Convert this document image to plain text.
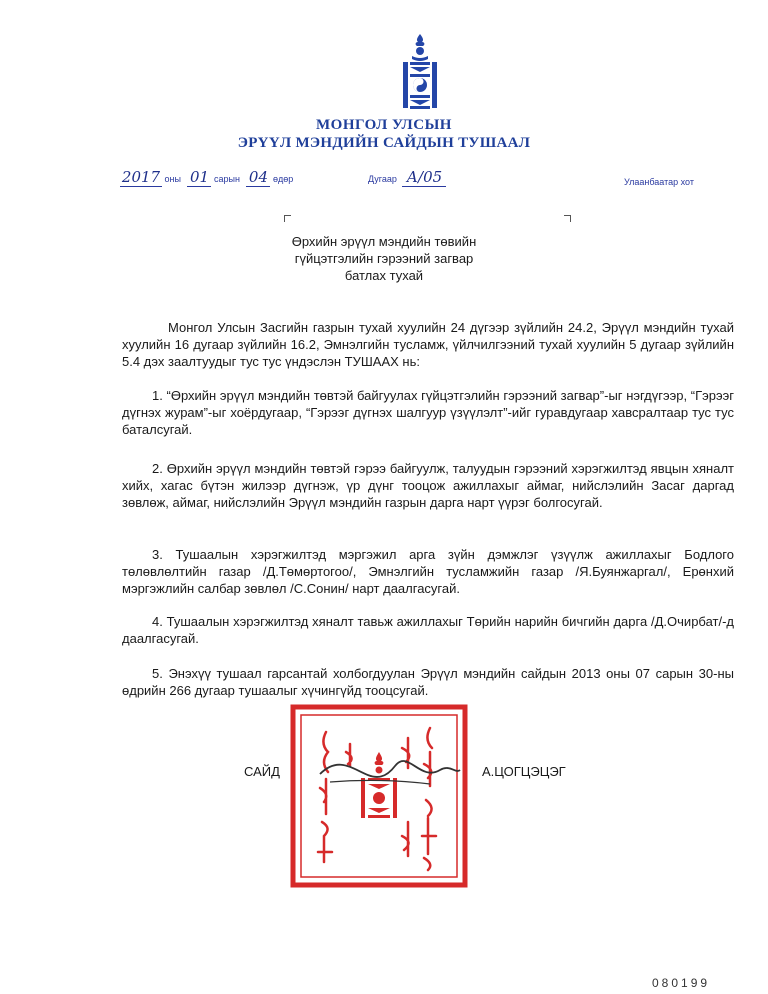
МОНГОЛ УЛСЫН
ЭРҮҮЛ МЭНДИЙН САЙДЫН ТУШААЛ
2017 оны 01 сарын 04 өдөр	Дугаар А/05	Улаанбаатар хот
Өрхийн эрүүл мэндийн төвийн
гүйцэтгэлийн гэрээний загвар
батлах тухай
Монгол Улсын Засгийн газрын тухай хуулийн 24 дүгээр зүйлийн 24.2, Эрүүл мэндийн тухай хуулийн 16 дугаар зүйлийн 16.2, Эмнэлгийн тусламж, үйлчилгээний тухай хуулийн 5 дугаар зүйлийн 5.4 дэх заалтуудыг тус тус үндэслэн ТУШААХ нь:
1. “Өрхийн эрүүл мэндийн төвтэй байгуулах гүйцэтгэлийн гэрээний загвар”-ыг нэгдүгээр, “Гэрээг дүгнэх журам”-ыг хоёрдугаар, “Гэрээг дүгнэх шалгуур үзүүлэлт”-ийг гуравдугаар хавсралтаар тус тус баталсугай.
2. Өрхийн эрүүл мэндийн төвтэй гэрээ байгуулж, талуудын гэрээний хэрэгжилтэд явцын хяналт хийх, хагас бүтэн жилээр дүгнэж, үр дүнг тооцож ажиллахыг аймаг, нийслэлийн Засаг даргад зөвлөж, аймаг, нийслэлийн Эрүүл мэндийн газрын дарга нарт үүрэг болгосугай.
3. Тушаалын хэрэгжилтэд мэргэжил арга зүйн дэмжлэг үзүүлж ажиллахыг Бодлого төлөвлөлтийн газар /Д.Төмөртогоо/, Эмнэлгийн тусламжийн газар /Я.Буянжаргал/, Ерөнхий мэргэжлийн салбар зөвлөл /С.Сонин/ нарт даалгасугай.
4. Тушаалын хэрэгжилтэд хяналт тавьж ажиллахыг Төрийн нарийн бичгийн дарга /Д.Очирбат/-д даалгасугай.
5. Энэхүү тушаал гарсантай холбогдуулан Эрүүл мэндийн сайдын 2013 оны 07 сарын 30-ны өдрийн 266 дугаар тушаалыг хүчингүйд тооцсугай.
САЙД	А.ЦОГЦЭЦЭГ
080199
